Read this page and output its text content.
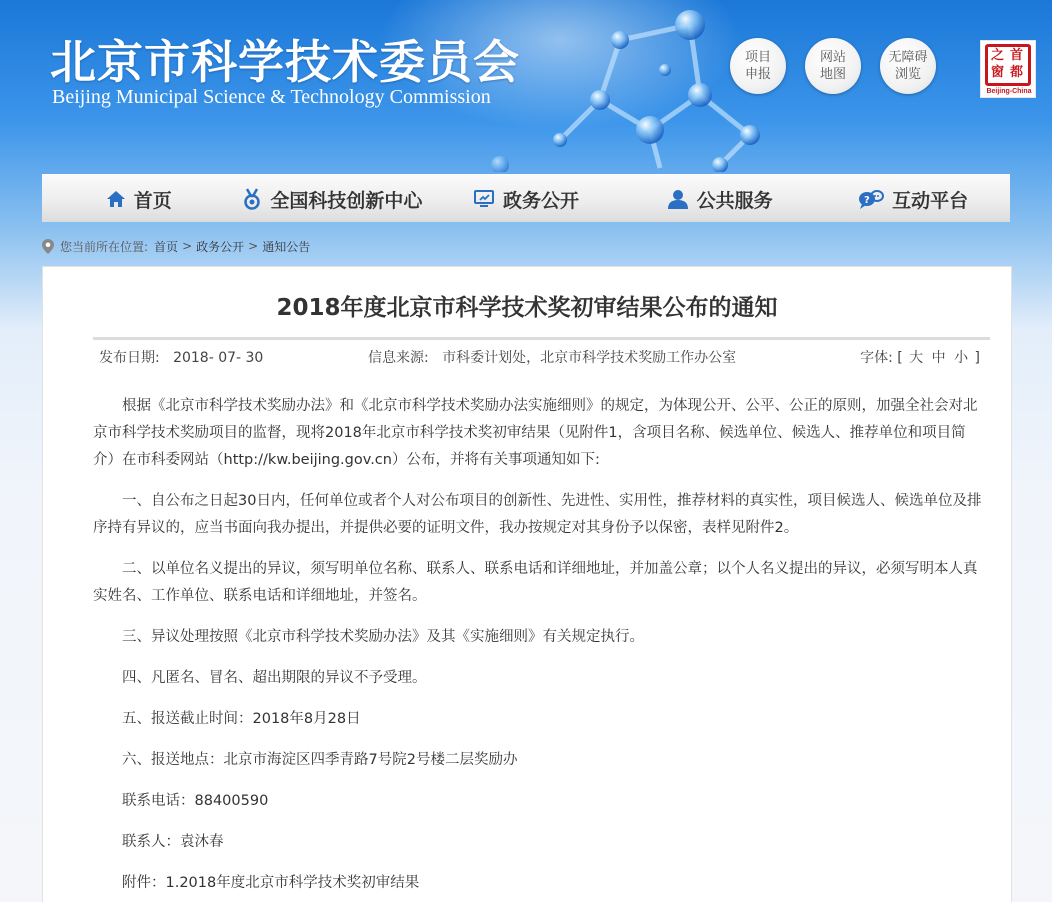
北京市科学技术委员会
Beijing Municipal Science & Technology Commission
项目
申报
网站
地图
无障碍
浏览
首
都
之
窗
Beijing-China
首页	全国科技创新中心	政务公开	公共服务	? 互动平台
您当前所在位置: 首页 > 政务公开 > 通知公告
2018年度北京市科学技术奖初审结果公布的通知
发布日期: 2018- 07- 30	信息来源: 市科委计划处，北京市科学技术奖励工作办公室	字体: [ 大 中 小 ]

根据《北京市科学技术奖励办法》和《北京市科学技术奖励办法实施细则》的规定，为体现公开、公平、公正的原则，加强全社会对北京市科学技术奖励项目的监督，现将2018年北京市科学技术奖初审结果（见附件1，含项目名称、候选单位、候选人、推荐单位和项目简介）在市科委网站（http://kw.beijing.gov.cn）公布，并将有关事项通知如下:

一、自公布之日起30日内，任何单位或者个人对公布项目的创新性、先进性、实用性，推荐材料的真实性，项目候选人、候选单位及排序持有异议的，应当书面向我办提出，并提供必要的证明文件，我办按规定对其身份予以保密，表样见附件2。

二、以单位名义提出的异议，须写明单位名称、联系人、联系电话和详细地址，并加盖公章；以个人名义提出的异议，必须写明本人真实姓名、工作单位、联系电话和详细地址，并签名。

三、异议处理按照《北京市科学技术奖励办法》及其《实施细则》有关规定执行。

四、凡匿名、冒名、超出期限的异议不予受理。

五、报送截止时间：2018年8月28日

六、报送地点：北京市海淀区四季青路7号院2号楼二层奖励办

联系电话：88400590

联系人：袁沐春

附件：1.2018年度北京市科学技术奖初审结果
